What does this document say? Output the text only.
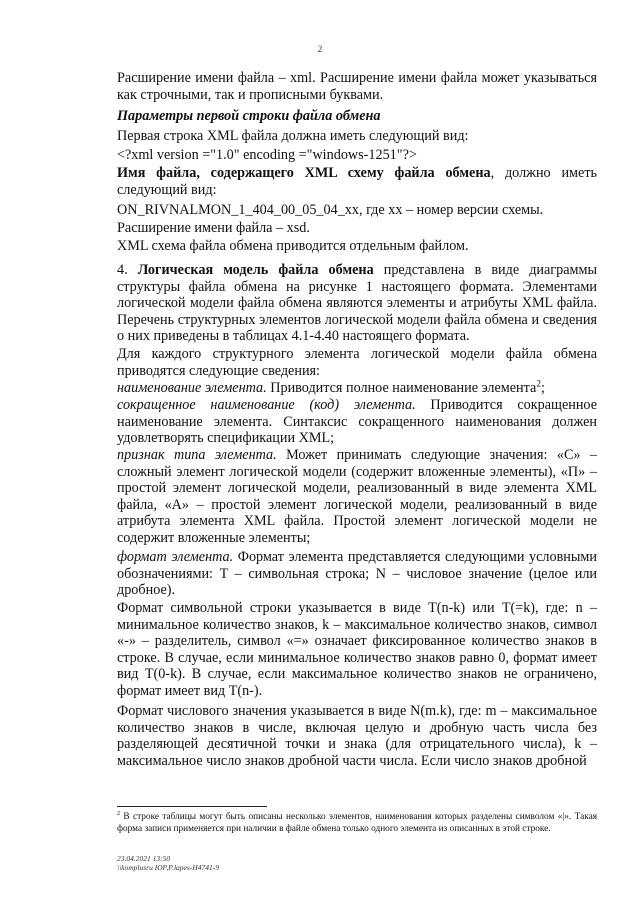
2

Расширение имени файла – xml. Расширение имени файла может указываться как строчными, так и прописными буквами.

Параметры первой строки файла обмена
Первая строка XML файла должна иметь следующий вид:
<?xml version ="1.0" encoding ="windows-1251"?>

Имя файла, содержащего XML схему файла обмена, должно иметь следующий вид:

ON_RIVNALMON_1_404_00_05_04_xx, где xx – номер версии схемы.
Расширение имени файла – xsd.
XML схема файла обмена приводится отдельным файлом.

4. Логическая модель файла обмена представлена в виде диаграммы структуры файла обмена на рисунке 1 настоящего формата. Элементами логической модели файла обмена являются элементы и атрибуты XML файла. Перечень структурных элементов логической модели файла обмена и сведения о них приведены в таблицах 4.1-4.40 настоящего формата.

Для каждого структурного элемента логической модели файла обмена приводятся следующие сведения:

наименование элемента. Приводится полное наименование элемента$^2$;

сокращенное наименование (код) элемента. Приводится сокращенное наименование элемента. Синтаксис сокращенного наименования должен удовлетворять спецификации XML;

признак типа элемента. Может принимать следующие значения: «С» – сложный элемент логической модели (содержит вложенные элементы), «П» – простой элемент логической модели, реализованный в виде элемента XML файла, «А» – простой элемент логической модели, реализованный в виде атрибута элемента XML файла. Простой элемент логической модели не содержит вложенные элементы;

формат элемента. Формат элемента представляется следующими условными обозначениями: T – символьная строка; N – числовое значение (целое или дробное).

Формат символьной строки указывается в виде T(n-k) или T(=k), где: n – минимальное количество знаков, k – максимальное количество знаков, символ «-» – разделитель, символ «=» означает фиксированное количество знаков в строке. В случае, если минимальное количество знаков равно 0, формат имеет вид T(0-k). В случае, если максимальное количество знаков не ограничено, формат имеет вид T(n-).

Формат числового значения указывается в виде N(m.k), где: m – максимальное количество знаков в числе, включая целую и дробную часть числа без разделяющей десятичной точки и знака (для отрицательного числа), k – максимальное число знаков дробной части числа. Если число знаков дробной

$^2$ В строке таблицы могут быть описаны несколько элементов, наименования которых разделены символом «|». Такая форма записи применяется при наличии в файле обмена только одного элемента из описанных в этой строке.

23.04.2021 13:50
\\komplusru ЮР,Р.lapes-H4741-9
